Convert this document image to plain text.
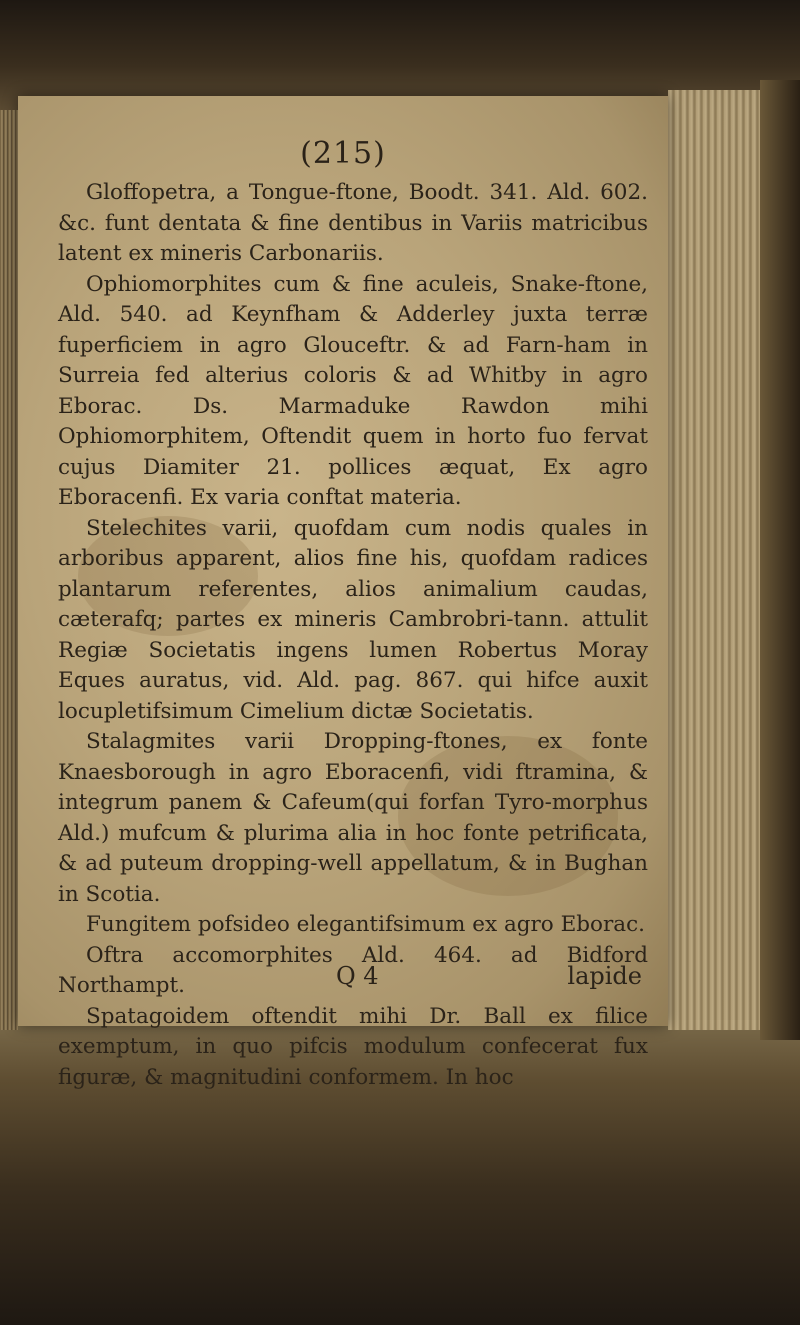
(215)

Gloffopetra, a Tongue-ftone, Boodt. 341. Ald. 602. &c. funt dentata & fine dentibus in Variis matricibus latent ex mineris Carbonariis.

Ophiomorphites cum & fine aculeis, Snake-ftone, Ald. 540. ad Keynfham & Adderley juxta terræ fuperficiem in agro Glouceftr. & ad Farn-ham in Surreia fed alterius coloris & ad Whitby in agro Eborac. Ds. Marmaduke Rawdon mihi Ophiomorphitem, Oftendit quem in horto fuo fervat cujus Diamiter 21. pollices æquat, Ex agro Eboracenfi. Ex varia conftat materia.

Stelechites varii, quofdam cum nodis quales in arboribus apparent, alios fine his, quofdam radices plantarum referentes, alios animalium caudas, cæterafq; partes ex mineris Cambrobri-tann. attulit Regiæ Societatis ingens lumen Robertus Moray Eques auratus, vid. Ald. pag. 867. qui hifce auxit locupletifsimum Cimelium dictæ Societatis.

Stalagmites varii Dropping-ftones, ex fonte Knaesborough in agro Eboracenfi, vidi ftramina, & integrum panem & Cafeum(qui forfan Tyro-morphus Ald.) mufcum & plurima alia in hoc fonte petrificata, & ad puteum dropping-well appellatum, & in Bughan in Scotia.

Fungitem pofsideo elegantifsimum ex agro Eborac.

Oftra accomorphites Ald. 464. ad Bidford Northampt.

Spatagoidem oftendit mihi Dr. Ball ex filice exemptum, in quo pifcis modulum confecerat fux figuræ, & magnitudini conformem. In hoc

Q 4	lapide
